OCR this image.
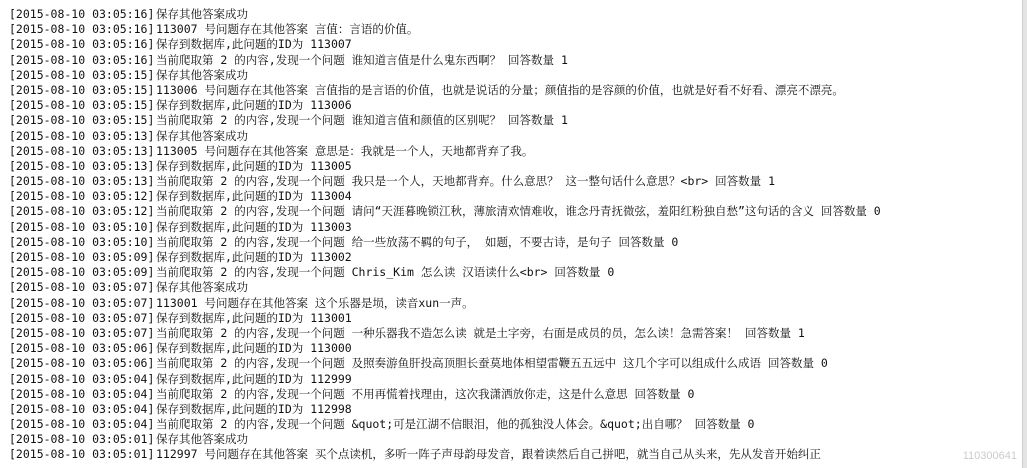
[2015-08-10 03:05:16] 保存其他答案成功
[2015-08-10 03:05:16] 113007 号问题存在其他答案 言值：言语的价值。
[2015-08-10 03:05:16] 保存到数据库,此问题的ID为 113007
[2015-08-10 03:05:16] 当前爬取第 2 的内容,发现一个问题 谁知道言值是什么鬼东西啊？ 回答数量 1
[2015-08-10 03:05:15] 保存其他答案成功
[2015-08-10 03:05:15] 113006 号问题存在其他答案 言值指的是言语的价值，也就是说话的分量；颜值指的是容颜的价值，也就是好看不好看、漂亮不漂亮。
[2015-08-10 03:05:15] 保存到数据库,此问题的ID为 113006
[2015-08-10 03:05:15] 当前爬取第 2 的内容,发现一个问题 谁知道言值和颜值的区别呢？ 回答数量 1
[2015-08-10 03:05:13] 保存其他答案成功
[2015-08-10 03:05:13] 113005 号问题存在其他答案 意思是：我就是一个人，天地都背弃了我。
[2015-08-10 03:05:13] 保存到数据库,此问题的ID为 113005
[2015-08-10 03:05:13] 当前爬取第 2 的内容,发现一个问题 我只是一个人，天地都背弃。什么意思？ 这一整句话什么意思？<br> 回答数量 1
[2015-08-10 03:05:12] 保存到数据库,此问题的ID为 113004
[2015-08-10 03:05:12] 当前爬取第 2 的内容,发现一个问题 请问“天涯暮晚锁江秋，薄旅清欢情难收，谁念丹青抚微弦，羞阳红粉独自愁”这句话的含义 回答数量 0
[2015-08-10 03:05:10] 保存到数据库,此问题的ID为 113003
[2015-08-10 03:05:10] 当前爬取第 2 的内容,发现一个问题 给一些放荡不羁的句子， 如题，不要古诗，是句子 回答数量 0
[2015-08-10 03:05:09] 保存到数据库,此问题的ID为 113002
[2015-08-10 03:05:09] 当前爬取第 2 的内容,发现一个问题 Chris_Kim 怎么读 汉语读什么<br> 回答数量 0
[2015-08-10 03:05:07] 保存其他答案成功
[2015-08-10 03:05:07] 113001 号问题存在其他答案 这个乐器是埙，读音xun一声。
[2015-08-10 03:05:07] 保存到数据库,此问题的ID为 113001
[2015-08-10 03:05:07] 当前爬取第 2 的内容,发现一个问题 一种乐器我不造怎么读 就是土字旁，右面是成员的员，怎么读！急需答案！ 回答数量 1
[2015-08-10 03:05:06] 保存到数据库,此问题的ID为 113000
[2015-08-10 03:05:06] 当前爬取第 2 的内容,发现一个问题 及照奏游鱼肝投高顶胆长蚕莫地体相望雷鞭五五远中 这几个字可以组成什么成语 回答数量 0
[2015-08-10 03:05:04] 保存到数据库,此问题的ID为 112999
[2015-08-10 03:05:04] 当前爬取第 2 的内容,发现一个问题 不用再慌着找理由，这次我潇洒放你走，这是什么意思 回答数量 0
[2015-08-10 03:05:04] 保存到数据库,此问题的ID为 112998
[2015-08-10 03:05:04] 当前爬取第 2 的内容,发现一个问题 &quot;可是江湖不信眼泪，他的孤独没人体会。&quot;出自哪？ 回答数量 0
[2015-08-10 03:05:01] 保存其他答案成功
[2015-08-10 03:05:01] 112997 号问题存在其他答案 买个点读机，多听一阵子声母韵母发音，跟着读然后自己拼吧，就当自己从头来，先从发音开始纠正	110300641
